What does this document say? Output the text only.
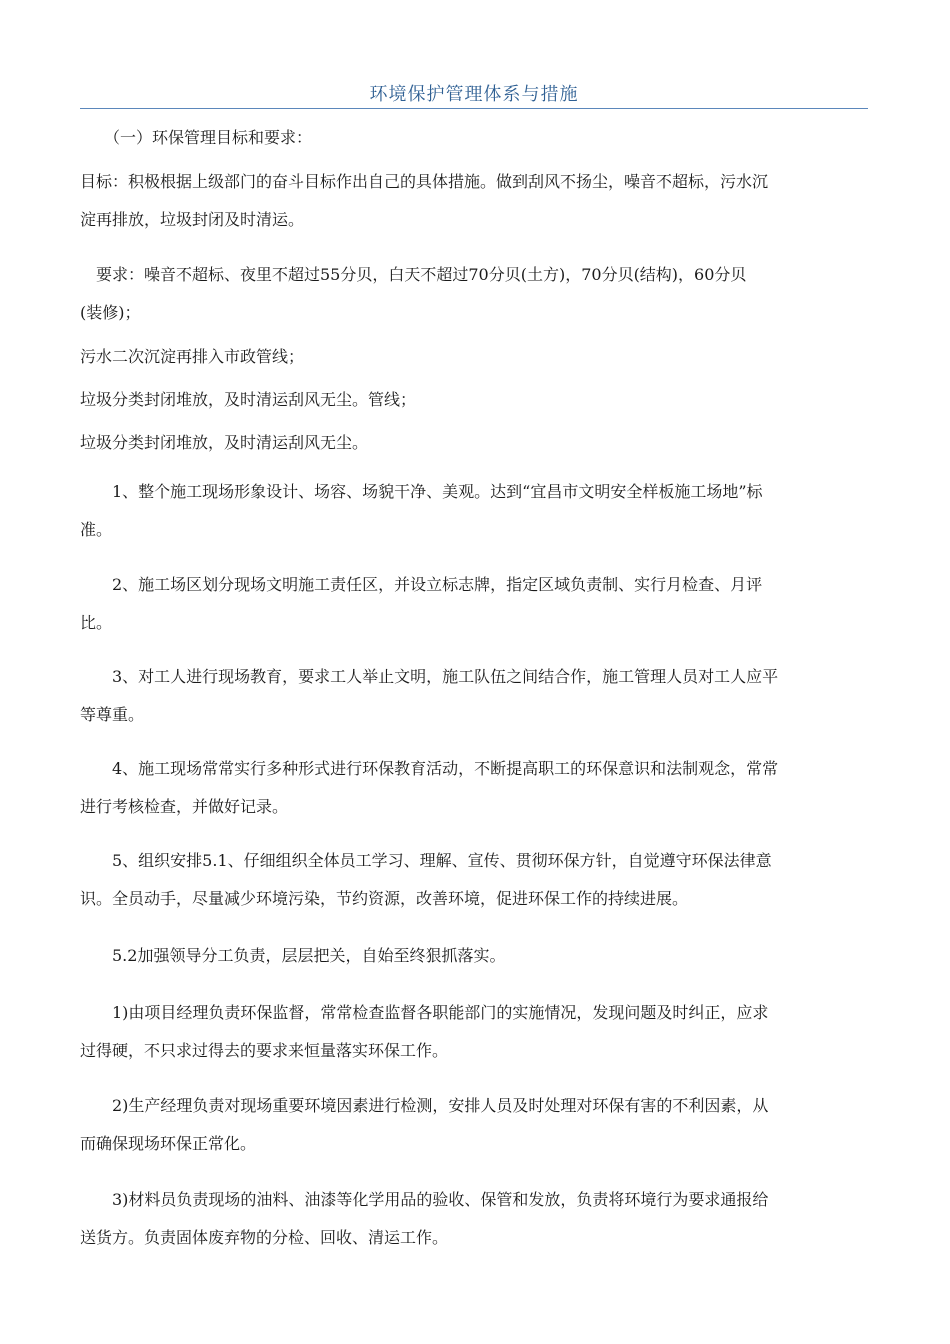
环境保护管理体系与措施
　　（一）环保管理目标和要求：
目标：积极根据上级部门的奋斗目标作出自己的具体措施。做到刮风不扬尘，噪音不超标，污水沉
淀再排放，垃圾封闭及时清运。
　要求：噪音不超标、夜里不超过55分贝，白天不超过70分贝(土方)，70分贝(结构)，60分贝
(装修)；
污水二次沉淀再排入市政管线；
垃圾分类封闭堆放，及时清运刮风无尘。管线；
垃圾分类封闭堆放，及时清运刮风无尘。
　　1、整个施工现场形象设计、场容、场貌干净、美观。达到“宜昌市文明安全样板施工场地”标
准。
　　2、施工场区划分现场文明施工责任区，并设立标志牌，指定区域负责制、实行月检查、月评
比。
　　3、对工人进行现场教育，要求工人举止文明，施工队伍之间结合作，施工管理人员对工人应平
等尊重。
　　4、施工现场常常实行多种形式进行环保教育活动，不断提高职工的环保意识和法制观念，常常
进行考核检查，并做好记录。
　　5、组织安排5.1、仔细组织全体员工学习、理解、宣传、贯彻环保方针，自觉遵守环保法律意
识。全员动手，尽量减少环境污染，节约资源，改善环境，促进环保工作的持续进展。
　　5.2加强领导分工负责，层层把关，自始至终狠抓落实。
　　1)由项目经理负责环保监督，常常检查监督各职能部门的实施情况，发现问题及时纠正，应求
过得硬，不只求过得去的要求来恒量落实环保工作。
　　2)生产经理负责对现场重要环境因素进行检测，安排人员及时处理对环保有害的不利因素，从
而确保现场环保正常化。
　　3)材料员负责现场的油料、油漆等化学用品的验收、保管和发放，负责将环境行为要求通报给
送货方。负责固体废弃物的分检、回收、清运工作。
